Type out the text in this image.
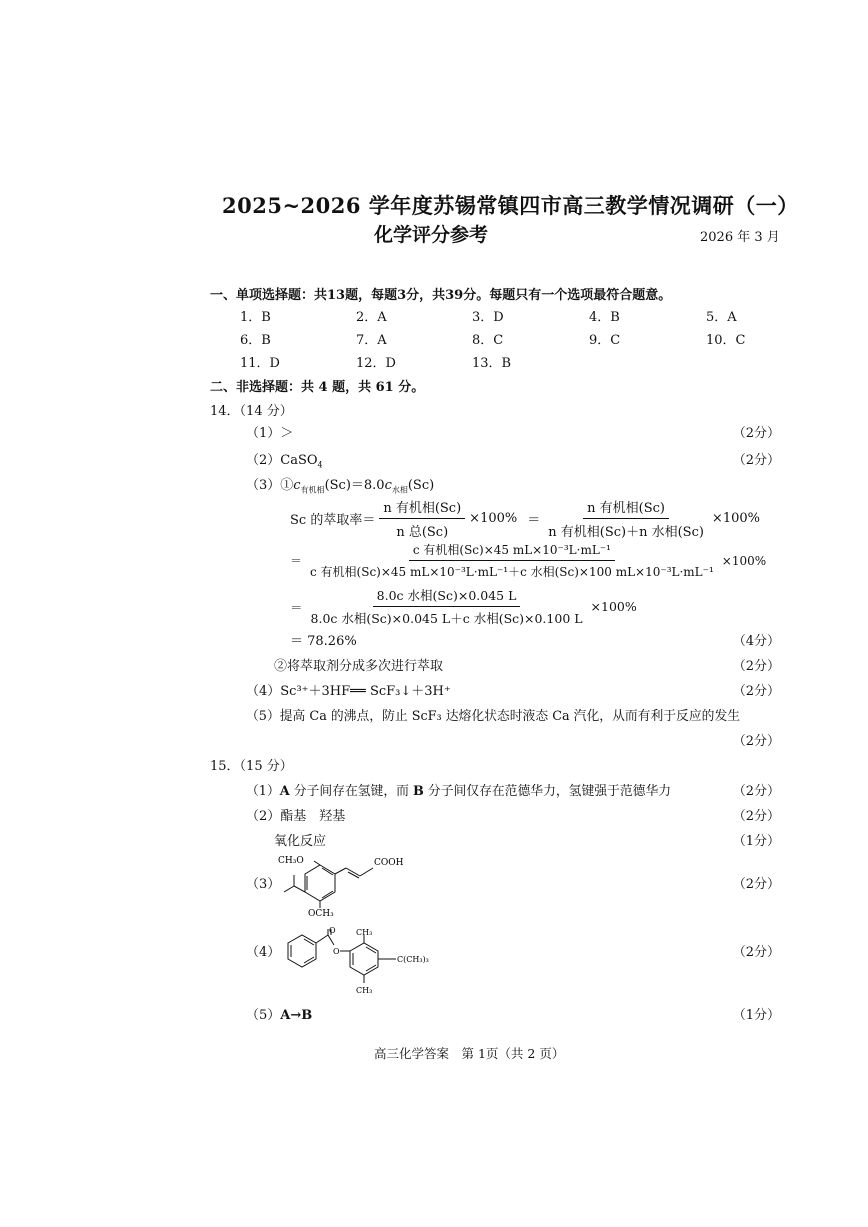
2025~2026 学年度苏锡常镇四市高三教学情况调研（一）
化学评分参考	2026 年 3 月
一、单项选择题：共13题，每题3分，共39分。每题只有一个选项最符合题意。
1．B	2．A	3．D	4．B	5．A
6．B	7．A	8．C	9．C	10．C
11．D	12．D	13．B
二、非选择题：共 4 题，共 61 分。
14．（14 分）
（1）＞	（2分）
（2）CaSO$_4$	（2分）
$(3)①c_{有机相}(Sc)=8.0c_{水相}(Sc)$
Sc 的萃取率＝ $\frac{\text{n 有机相(Sc)}}{\text{n 总(Sc)}} \times 100\% = \frac{\text{n 有机相(Sc)}}{\text{n 有机相(Sc)＋n 水相(Sc)}} \times 100\%$
＝ $\frac{\text{c 有机相(Sc)×45 mL×10⁻³L·mL⁻¹}}{\text{c 有机相(Sc)×45 mL×10⁻³L·mL⁻¹＋c 水相(Sc)×100 mL×10⁻³L·mL⁻¹}} \times 100\%$
＝ $\frac{\text{8.0c 水相(Sc)×0.045 L}}{\text{8.0c 水相(Sc)×0.045 L＋c 水相(Sc)×0.100 L}} \times 100\%$
＝ 78.26%	（4分）
②将萃取剂分成多次进行萃取	（2分）
（4）Sc³⁺＋3HF══ ScF₃↓＋3H⁺	（2分）
（5）提高 Ca 的沸点，防止 ScF₃ 达熔化状态时液态 Ca 汽化，从而有利于反应的发生
（2分）
15．（15 分）
（1）A 分子间存在氢键，而 B 分子间仅存在范德华力，氢键强于范德华力	（2分）
（2）酯基　羟基	（2分）
氧化反应	（1分）
（3）	（2分）
CH₃O	COOH
OCH₃
（4）	（2分）
O
O
CH₃
CH₃
C(CH₃)₃
（5）A→B	（1分）
高三化学答案　第 1页（共 2 页）
